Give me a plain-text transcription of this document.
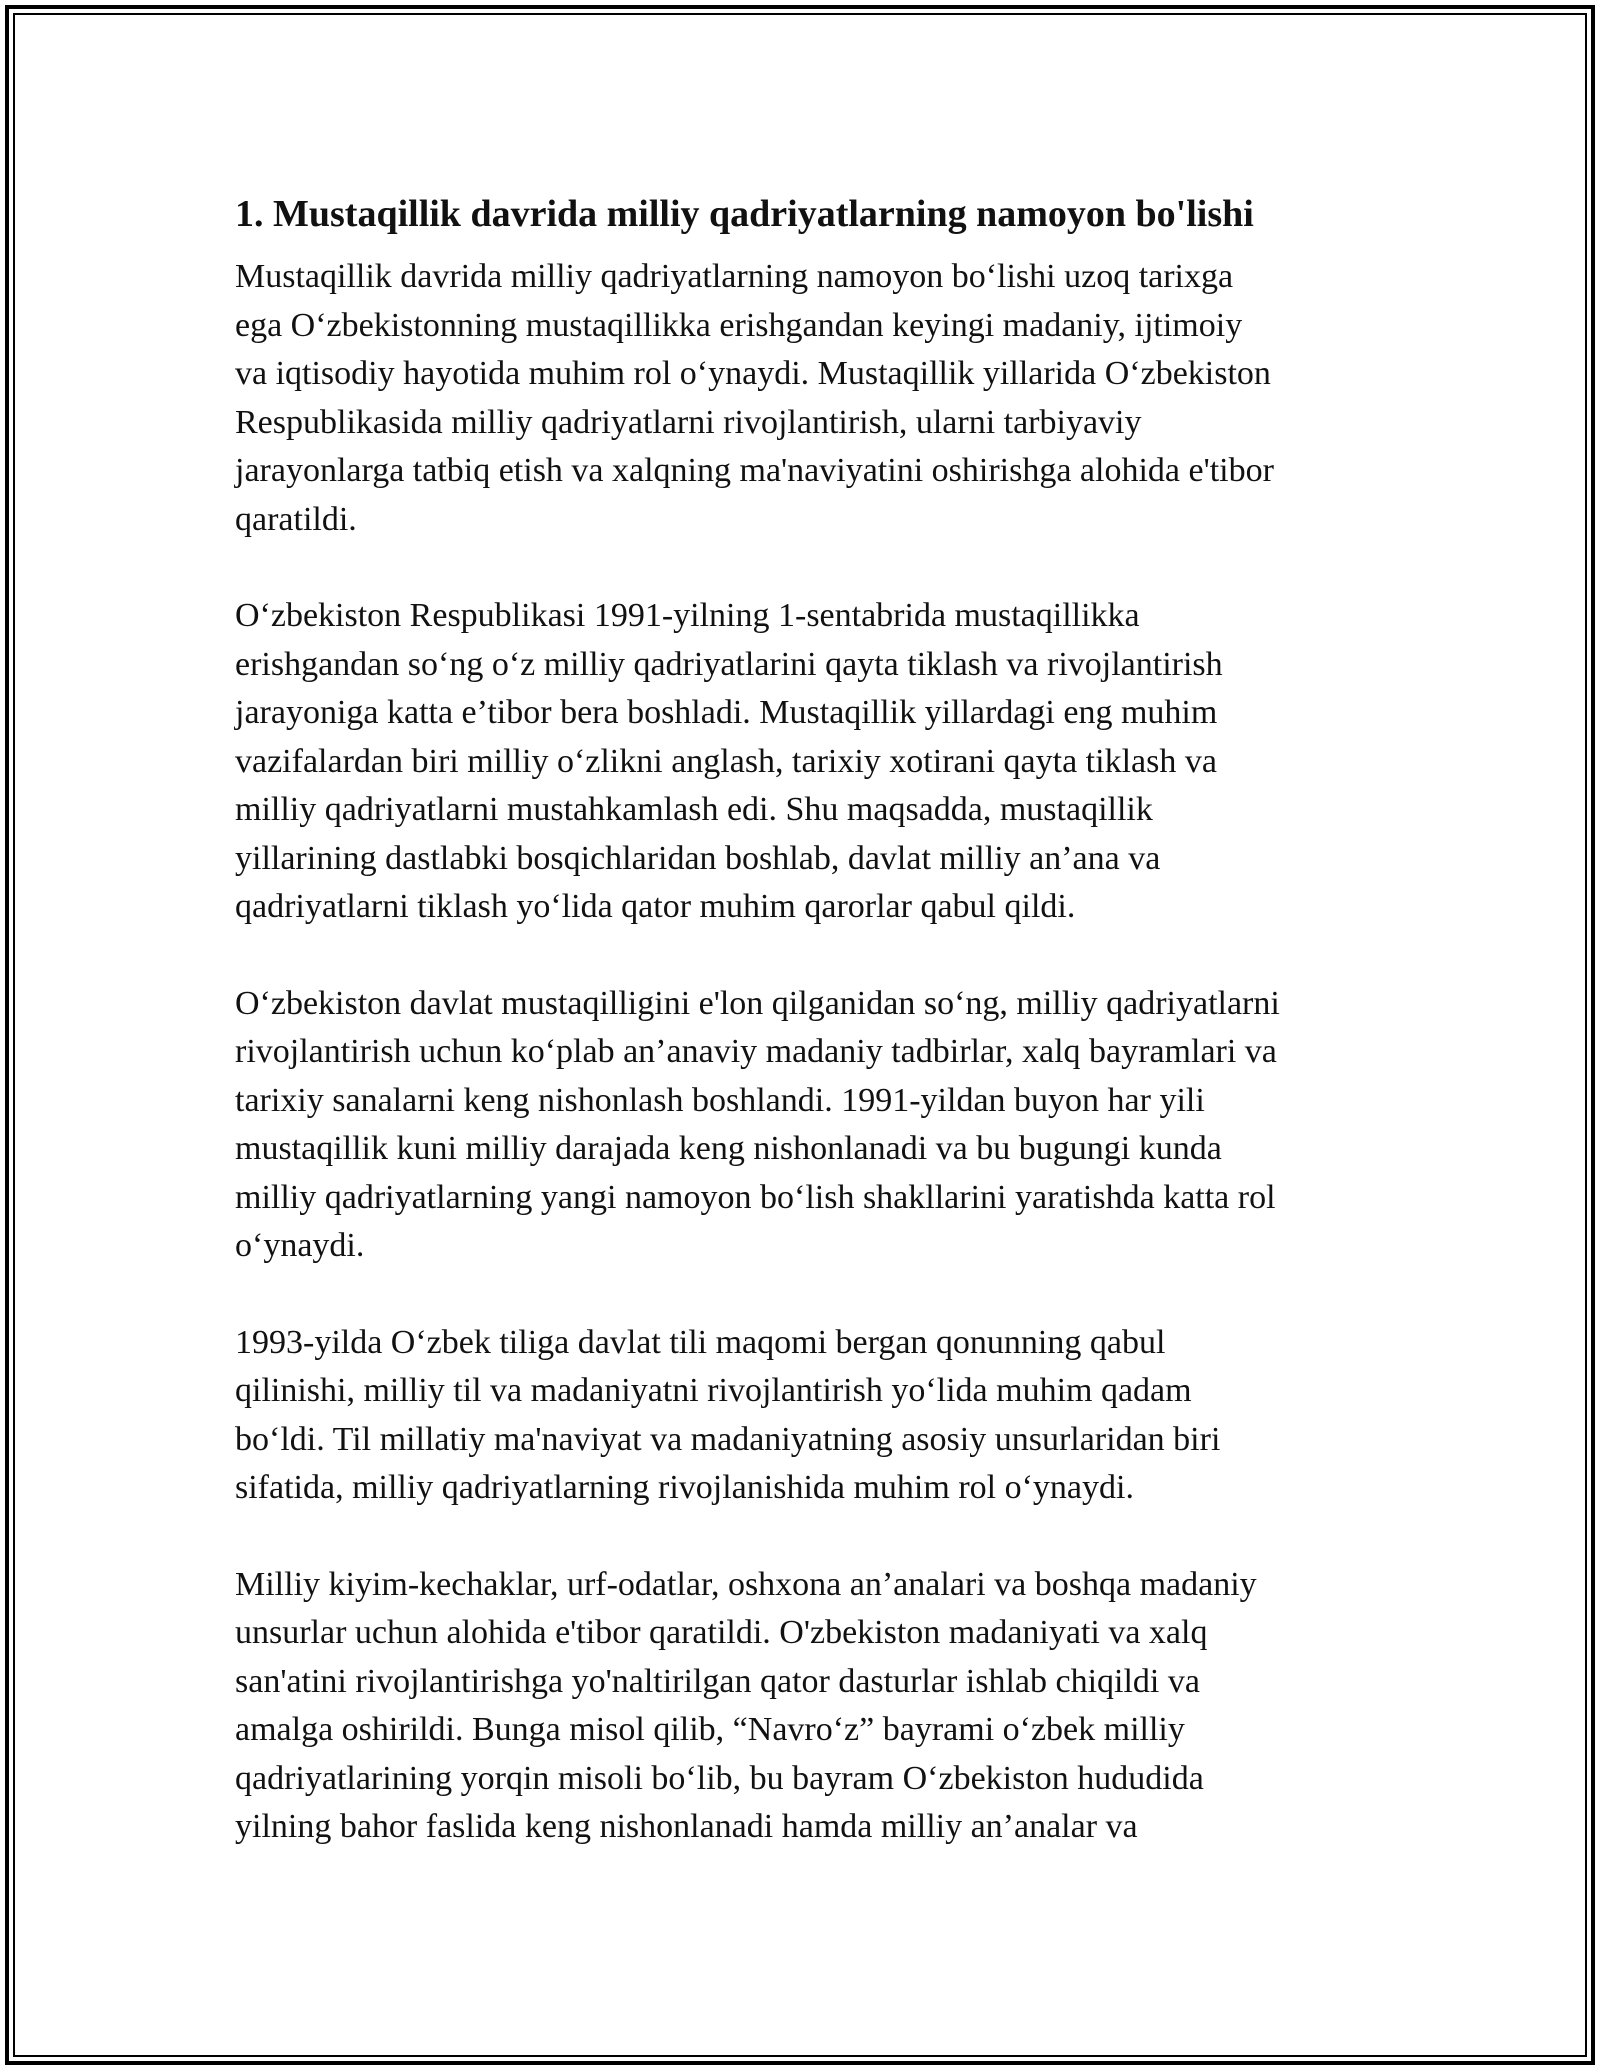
1. Mustaqillik davrida milliy qadriyatlarning namoyon bo'lishi

Mustaqillik davrida milliy qadriyatlarning namoyon bo‘lishi uzoq tarixga
ega O‘zbekistonning mustaqillikka erishgandan keyingi madaniy, ijtimoiy
va iqtisodiy hayotida muhim rol o‘ynaydi. Mustaqillik yillarida O‘zbekiston
Respublikasida milliy qadriyatlarni rivojlantirish, ularni tarbiyaviy
jarayonlarga tatbiq etish va xalqning ma'naviyatini oshirishga alohida e'tibor
qaratildi.

O‘zbekiston Respublikasi 1991-yilning 1-sentabrida mustaqillikka
erishgandan so‘ng o‘z milliy qadriyatlarini qayta tiklash va rivojlantirish
jarayoniga katta e’tibor bera boshladi. Mustaqillik yillardagi eng muhim
vazifalardan biri milliy o‘zlikni anglash, tarixiy xotirani qayta tiklash va
milliy qadriyatlarni mustahkamlash edi. Shu maqsadda, mustaqillik
yillarining dastlabki bosqichlaridan boshlab, davlat milliy an’ana va
qadriyatlarni tiklash yo‘lida qator muhim qarorlar qabul qildi.

O‘zbekiston davlat mustaqilligini e'lon qilganidan so‘ng, milliy qadriyatlarni
rivojlantirish uchun ko‘plab an’anaviy madaniy tadbirlar, xalq bayramlari va
tarixiy sanalarni keng nishonlash boshlandi. 1991-yildan buyon har yili
mustaqillik kuni milliy darajada keng nishonlanadi va bu bugungi kunda
milliy qadriyatlarning yangi namoyon bo‘lish shakllarini yaratishda katta rol
o‘ynaydi.

1993-yilda O‘zbek tiliga davlat tili maqomi bergan qonunning qabul
qilinishi, milliy til va madaniyatni rivojlantirish yo‘lida muhim qadam
bo‘ldi. Til millatiy ma'naviyat va madaniyatning asosiy unsurlaridan biri
sifatida, milliy qadriyatlarning rivojlanishida muhim rol o‘ynaydi.

Milliy kiyim-kechaklar, urf-odatlar, oshxona an’analari va boshqa madaniy
unsurlar uchun alohida e'tibor qaratildi. O'zbekiston madaniyati va xalq
san'atini rivojlantirishga yo'naltirilgan qator dasturlar ishlab chiqildi va
amalga oshirildi. Bunga misol qilib, “Navro‘z” bayrami o‘zbek milliy
qadriyatlarining yorqin misoli bo‘lib, bu bayram O‘zbekiston hududida
yilning bahor faslida keng nishonlanadi hamda milliy an’analar va
